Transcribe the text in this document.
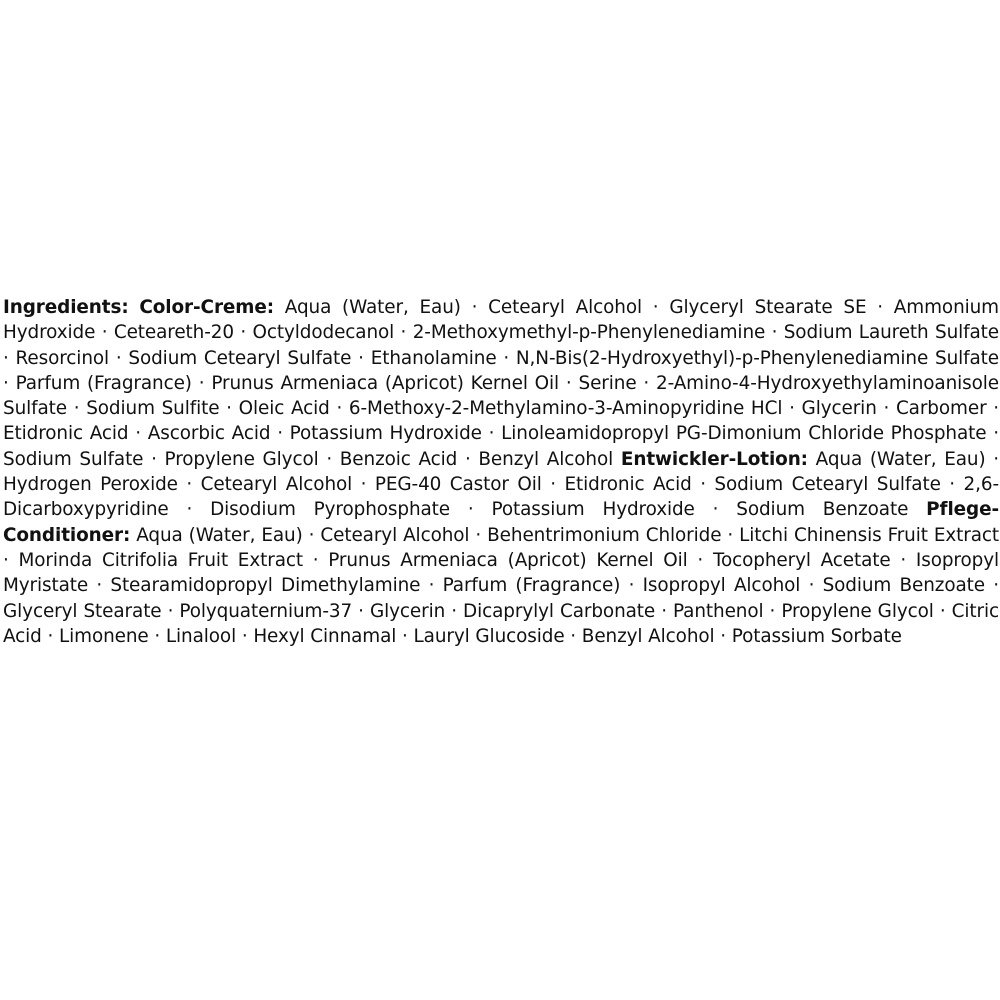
Ingredients: Color-Creme: Aqua (Water, Eau) · Cetearyl Alcohol · Glyceryl Stearate SE · Ammonium Hydroxide · Ceteareth-20 · Octyldodecanol · 2-Methoxymethyl-p-Phenylenediamine · Sodium Laureth Sulfate · Resorcinol · Sodium Cetearyl Sulfate · Ethanolamine · N,N-Bis(2-Hydroxyethyl)-p-Phenylenediamine Sulfate · Parfum (Fragrance) · Prunus Armeniaca (Apricot) Kernel Oil · Serine · 2-Amino-4-Hydroxyethylaminoanisole Sulfate · Sodium Sulfite · Oleic Acid · 6-Methoxy-2-Methylamino-3-Aminopyridine HCl · Glycerin · Carbomer · Etidronic Acid · Ascorbic Acid · Potassium Hydroxide · Linoleamidopropyl PG-Dimonium Chloride Phosphate · Sodium Sulfate · Propylene Glycol · Benzoic Acid · Benzyl Alcohol Entwickler-Lotion: Aqua (Water, Eau) · Hydrogen Peroxide · Cetearyl Alcohol · PEG-40 Castor Oil · Etidronic Acid · Sodium Cetearyl Sulfate · 2,6-Dicarboxypyridine · Disodium Pyrophosphate · Potassium Hydroxide · Sodium Benzoate Pflege-Conditioner: Aqua (Water, Eau) · Cetearyl Alcohol · Behentrimonium Chloride · Litchi Chinensis Fruit Extract · Morinda Citrifolia Fruit Extract · Prunus Armeniaca (Apricot) Kernel Oil · Tocopheryl Acetate · Isopropyl Myristate · Stearamidopropyl Dimethylamine · Parfum (Fragrance) · Isopropyl Alcohol · Sodium Benzoate · Glyceryl Stearate · Polyquaternium-37 · Glycerin · Dicaprylyl Carbonate · Panthenol · Propylene Glycol · Citric Acid · Limonene · Linalool · Hexyl Cinnamal · Lauryl Glucoside · Benzyl Alcohol · Potassium Sorbate
